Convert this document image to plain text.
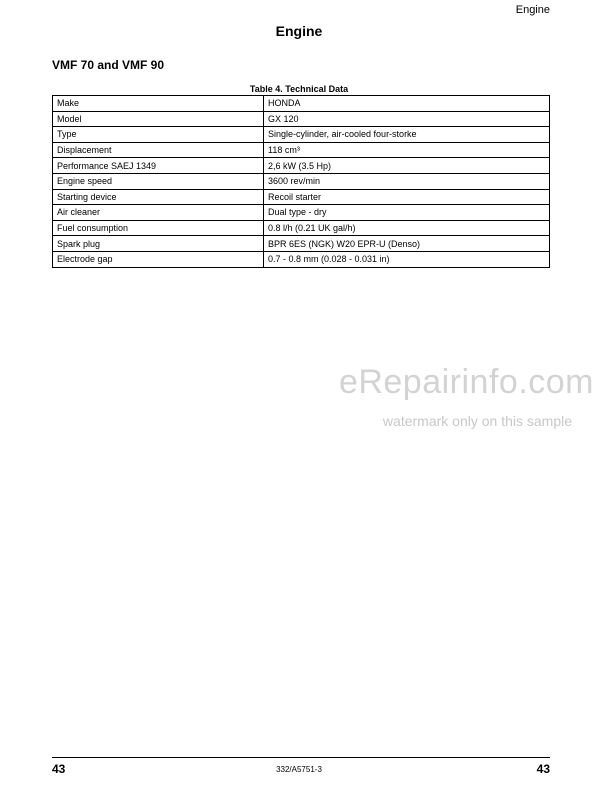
Engine
Engine
VMF 70 and VMF 90
Table 4. Technical Data
Make	HONDA
Model	GX 120
Type	Single-cylinder, air-cooled four-storke
Displacement	118 cm³
Performance SAEJ 1349	2,6 kW (3.5 Hp)
Engine speed	3600 rev/min
Starting device	Recoil starter
Air cleaner	Dual type - dry
Fuel consumption	0.8 l/h (0.21 UK gal/h)
Spark plug	BPR 6ES (NGK) W20 EPR-U (Denso)
Electrode gap	0.7 - 0.8 mm (0.028 - 0.031 in)
eRepairinfo.com
watermark only on this sample
43	332/A5751-3	43
